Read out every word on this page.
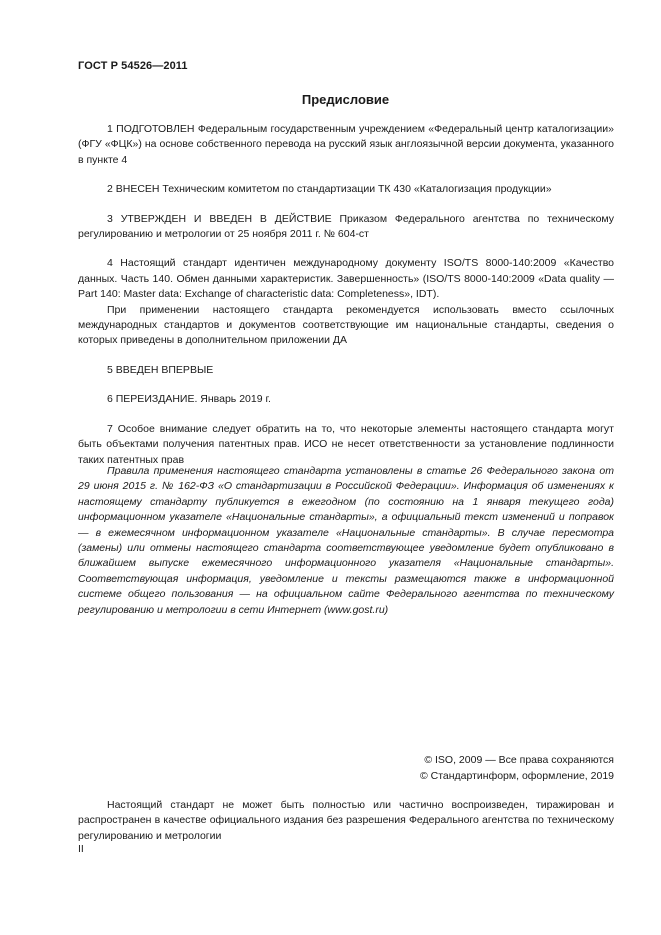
ГОСТ Р 54526—2011
Предисловие

1 ПОДГОТОВЛЕН Федеральным государственным учреждением «Федеральный центр каталогизации» (ФГУ «ФЦК») на основе собственного перевода на русский язык англоязычной версии документа, указанного в пункте 4

2 ВНЕСЕН Техническим комитетом по стандартизации ТК 430 «Каталогизация продукции»

3 УТВЕРЖДЕН И ВВЕДЕН В ДЕЙСТВИЕ Приказом Федерального агентства по техническому регулированию и метрологии от 25 ноября 2011 г. № 604-ст

4 Настоящий стандарт идентичен международному документу ISO/TS 8000-140:2009 «Качество данных. Часть 140. Обмен данными характеристик. Завершенность» (ISO/TS 8000-140:2009 «Data quality — Part 140: Master data: Exchange of characteristic data: Completeness», IDT).

При применении настоящего стандарта рекомендуется использовать вместо ссылочных международных стандартов и документов соответствующие им национальные стандарты, сведения о которых приведены в дополнительном приложении ДА

5 ВВЕДЕН ВПЕРВЫЕ

6 ПЕРЕИЗДАНИЕ. Январь 2019 г.

7 Особое внимание следует обратить на то, что некоторые элементы настоящего стандарта могут быть объектами получения патентных прав. ИСО не несет ответственности за установление подлинности таких патентных прав

Правила применения настоящего стандарта установлены в статье 26 Федерального закона от 29 июня 2015 г. № 162-ФЗ «О стандартизации в Российской Федерации». Информация об изменениях к настоящему стандарту публикуется в ежегодном (по состоянию на 1 января текущего года) информационном указателе «Национальные стандарты», а официальный текст изменений и поправок — в ежемесячном информационном указателе «Национальные стандарты». В случае пересмотра (замены) или отмены настоящего стандарта соответствующее уведомление будет опубликовано в ближайшем выпуске ежемесячного информационного указателя «Национальные стандарты». Соответствующая информация, уведомление и тексты размещаются также в информационной системе общего пользования — на официальном сайте Федерального агентства по техническому регулированию и метрологии в сети Интернет (www.gost.ru)

© ISO, 2009 — Все права сохраняются
© Стандартинформ, оформление, 2019

Настоящий стандарт не может быть полностью или частично воспроизведен, тиражирован и распространен в качестве официального издания без разрешения Федерального агентства по техническому регулированию и метрологии

II
